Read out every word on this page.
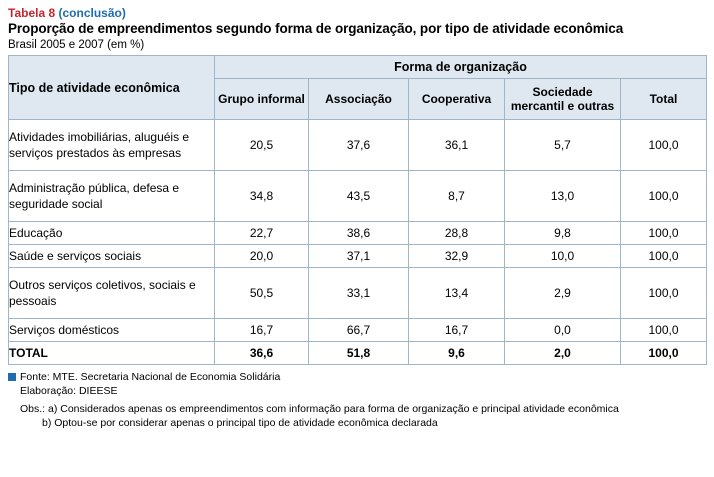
Tabela 8 (conclusão)
Proporção de empreendimentos segundo forma de organização, por tipo de atividade econômica
Brasil 2005 e 2007 (em %)
Tipo de atividade econômica	Forma de organização				
	Grupo informal	Associação	Cooperativa	Sociedade mercantil e outras	Total
Atividades imobiliárias, aluguéis e serviços prestados às empresas	20,5	37,6	36,1	5,7	100,0
Administração pública, defesa e seguridade social	34,8	43,5	8,7	13,0	100,0
Educação	22,7	38,6	28,8	9,8	100,0
Saúde e serviços sociais	20,0	37,1	32,9	10,0	100,0
Outros serviços coletivos, sociais e pessoais	50,5	33,1	13,4	2,9	100,0
Serviços domésticos	16,7	66,7	16,7	0,0	100,0
TOTAL	36,6	51,8	9,6	2,0	100,0
Fonte: MTE. Secretaria Nacional de Economia Solidária
Elaboração: DIEESE
Obs.: a) Considerados apenas os empreendimentos com informação para forma de organização e principal atividade econômica
b) Optou-se por considerar apenas o principal tipo de atividade econômica declarada
